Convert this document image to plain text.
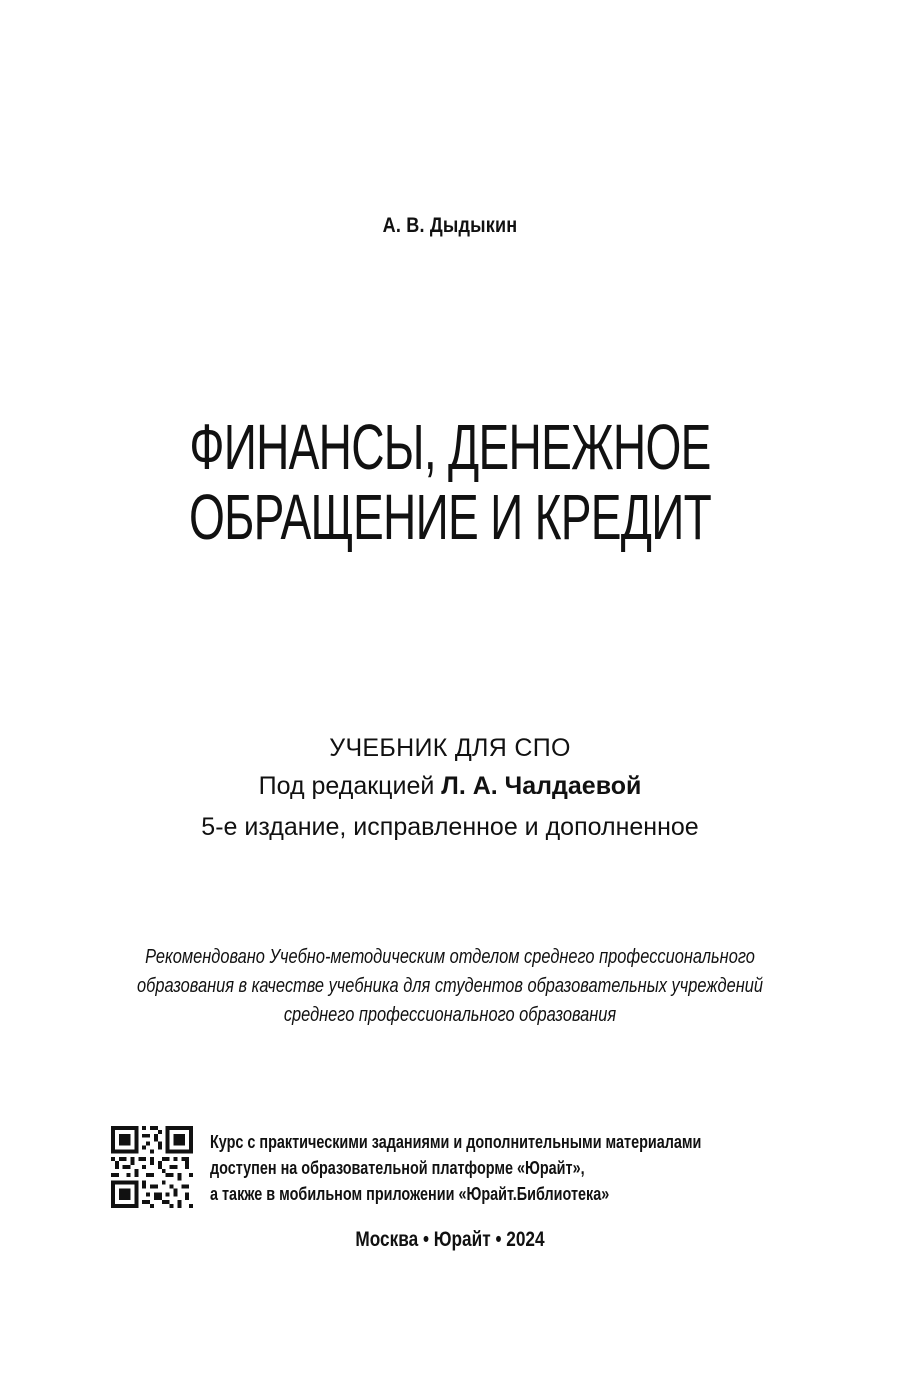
А. В. Дыдыкин
ФИНАНСЫ, ДЕНЕЖНОЕ
ОБРАЩЕНИЕ И КРЕДИТ
УЧЕБНИК ДЛЯ СПО
Под редакцией Л. А. Чалдаевой
5-е издание, исправленное и дополненное
Рекомендовано Учебно-методическим отделом среднего профессионального
образования в качестве учебника для студентов образовательных учреждений
среднего профессионального образования
Курс с практическими заданиями и дополнительными материалами
доступен на образовательной платформе «Юрайт»,
а также в мобильном приложении «Юрайт.Библиотека»
Москва • Юрайт • 2024
